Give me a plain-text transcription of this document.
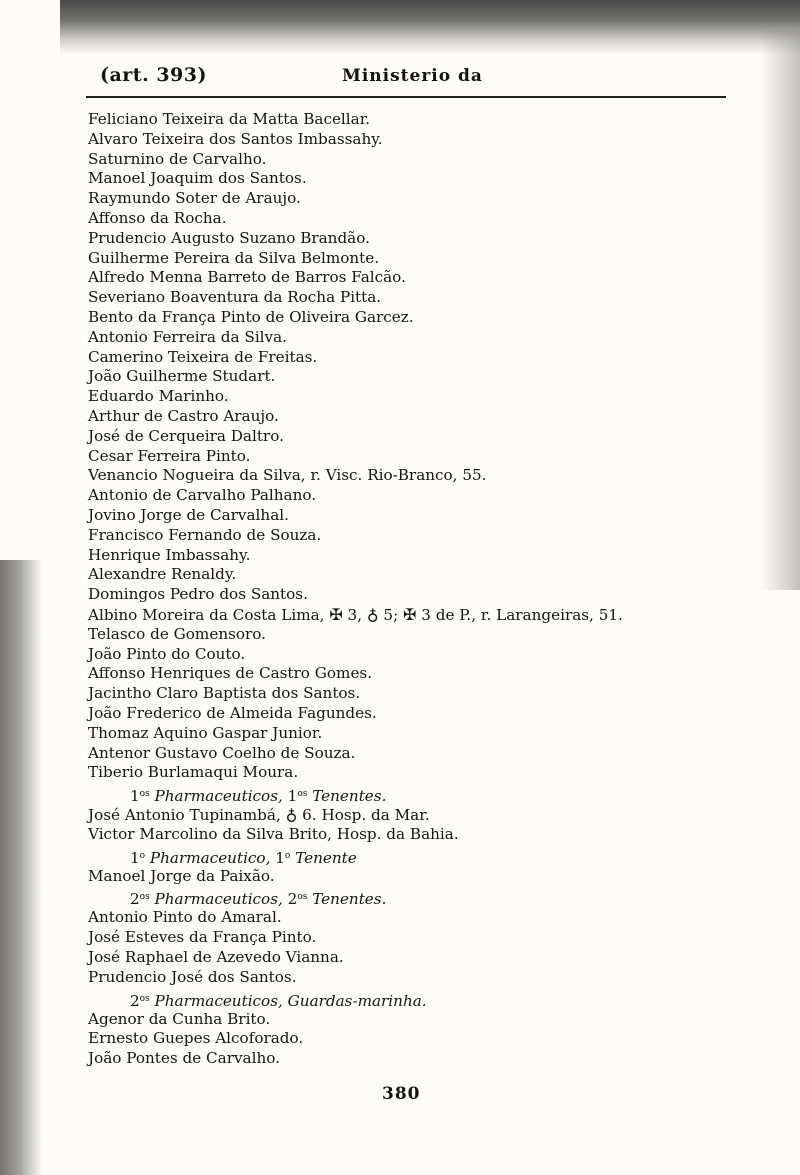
(art. 393)	Ministerio da
Feliciano Teixeira da Matta Bacellar.
Alvaro Teixeira dos Santos Imbassahy.
Saturnino de Carvalho.
Manoel Joaquim dos Santos.
Raymundo Soter de Araujo.
Affonso da Rocha.
Prudencio Augusto Suzano Brandão.
Guilherme Pereira da Silva Belmonte.
Alfredo Menna Barreto de Barros Falcão.
Severiano Boaventura da Rocha Pitta.
Bento da França Pinto de Oliveira Garcez.
Antonio Ferreira da Silva.
Camerino Teixeira de Freitas.
João Guilherme Studart.
Eduardo Marinho.
Arthur de Castro Araujo.
José de Cerqueira Daltro.
Cesar Ferreira Pinto.
Venancio Nogueira da Silva, r. Visc. Rio-Branco, 55.
Antonio de Carvalho Palhano.
Jovino Jorge de Carvalhal.
Francisco Fernando de Souza.
Henrique Imbassahy.
Alexandre Renaldy.
Domingos Pedro dos Santos.
Albino Moreira da Costa Lima, ✠ 3, ♁ 5; ✠ 3 de P., r. Larangeiras, 51.
Telasco de Gomensoro.
João Pinto do Couto.
Affonso Henriques de Castro Gomes.
Jacintho Claro Baptista dos Santos.
João Frederico de Almeida Fagundes.
Thomaz Aquino Gaspar Junior.
Antenor Gustavo Coelho de Souza.
Tiberio Burlamaqui Moura.
$1^{os}$ Pharmaceuticos, $1^{os}$ Tenentes.
José Antonio Tupinambá, ♁ 6. Hosp. da Mar.
Victor Marcolino da Silva Brito, Hosp. da Bahia.
1$^o$ Pharmaceutico, 1$^o$ Tenente
Manoel Jorge da Paixão.
$2^{os}$ Pharmaceuticos, $2^{os}$ Tenentes.
Antonio Pinto do Amaral.
José Esteves da França Pinto.
José Raphael de Azevedo Vianna.
Prudencio José dos Santos.
$2^{os}$ Pharmaceuticos, Guardas-marinha.
Agenor da Cunha Brito.
Ernesto Guepes Alcoforado.
João Pontes de Carvalho.
380
